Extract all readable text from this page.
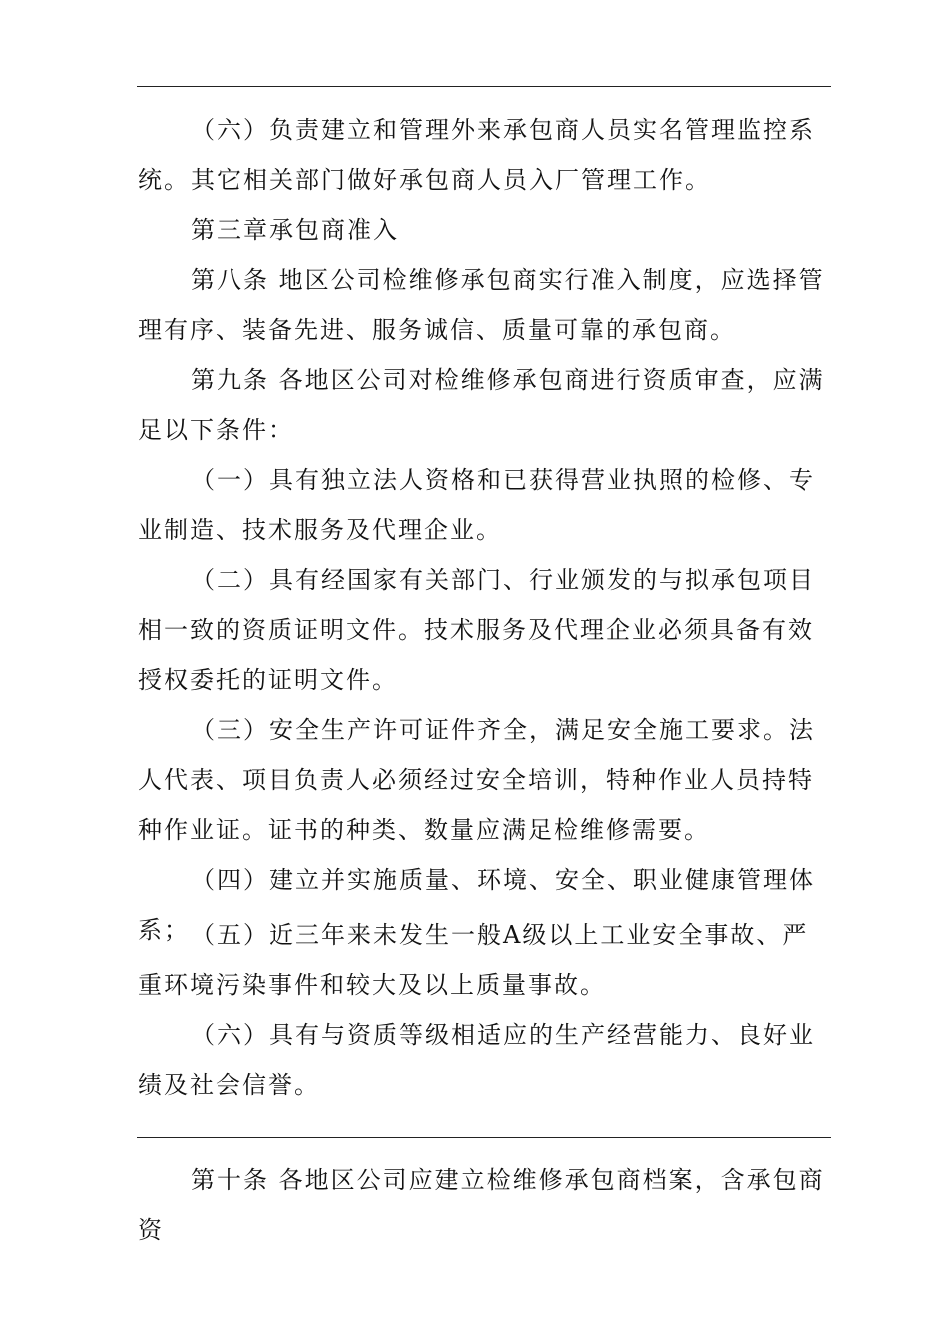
（六）负责建立和管理外来承包商人员实名管理监控系统。 其它相关部门做好承包商人员入厂管理工作。

第三章承包商准入

第八条 地区公司检维修承包商实行准入制度，应选择管理有序、装备先进、服务诚信、质量可靠的承包商。

第九条 各地区公司对检维修承包商进行资质审查，应满足以下条件：

（一）具有独立法人资格和已获得营业执照的检修、专业制造、技术服务及代理企业。

（二）具有经国家有关部门、行业颁发的与拟承包项目相一致的资质证明文件。技术服务及代理企业必须具备有效授权委托的证明文件。

（三）安全生产许可证件齐全，满足安全施工要求。法人代表、项目负责人必须经过安全培训，特种作业人员持特种作业证。证书的种类、数量应满足检维修需要。

（四）建立并实施质量、环境、安全、职业健康管理体系； （五）近三年来未发生一般A级以上工业安全事故、严重环境污染事件和较大及以上质量事故。

（六）具有与资质等级相适应的生产经营能力、良好业绩及社会信誉。

第十条 各地区公司应建立检维修承包商档案，含承包商资
